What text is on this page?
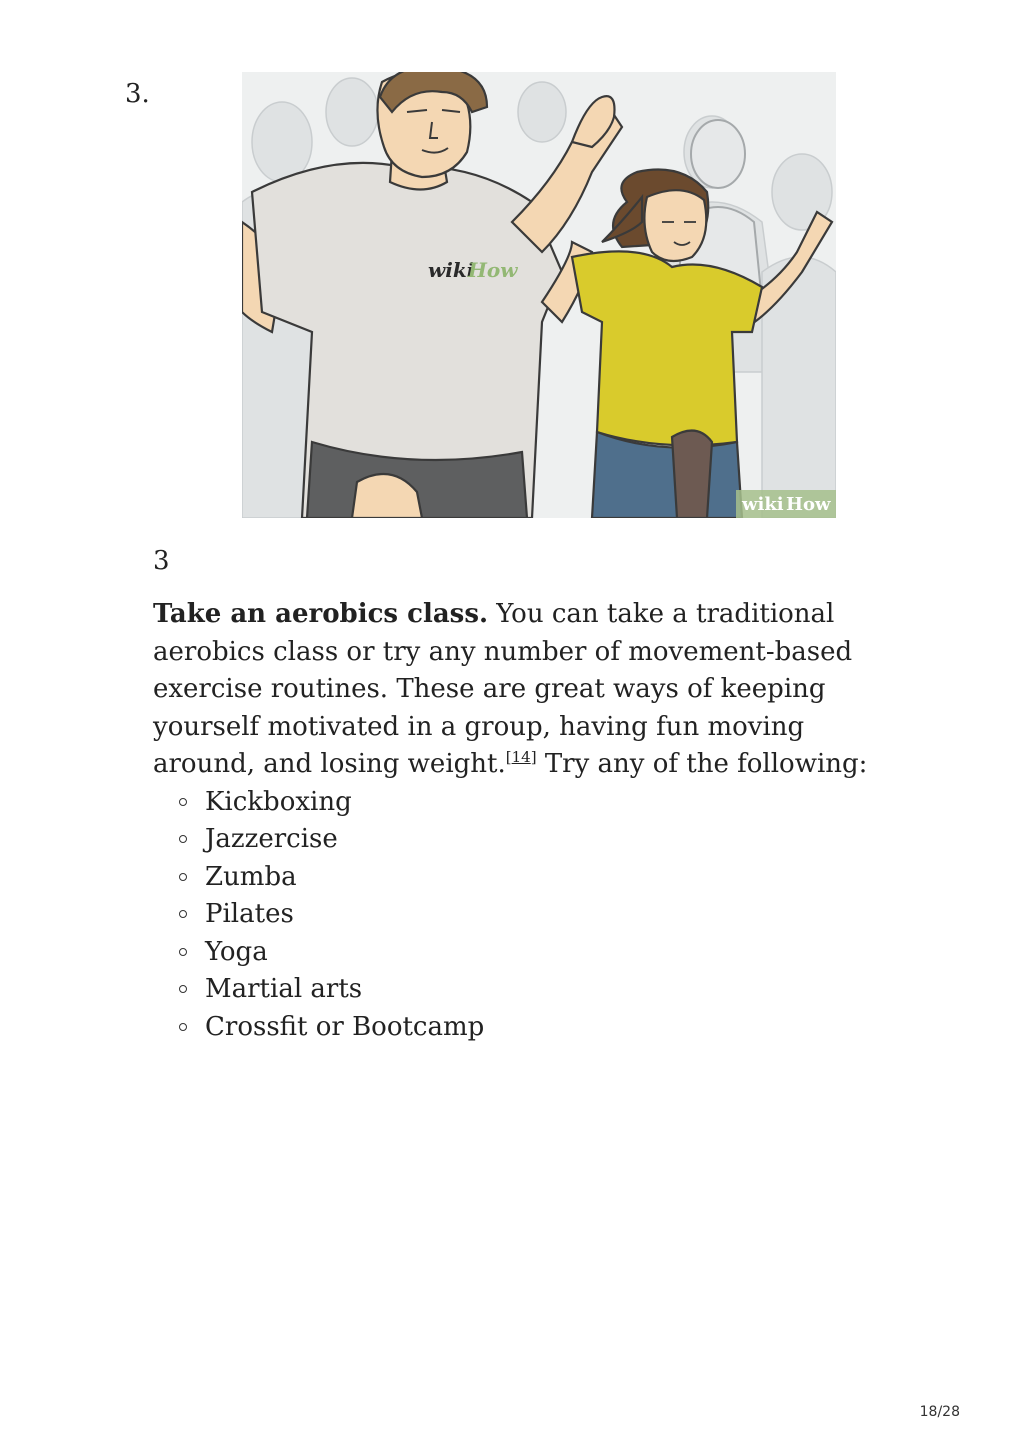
3.
wiki
How
wiki How
3

Take an aerobics class. You can take a traditional aerobics class or try any number of movement-based exercise routines. These are great ways of keeping yourself motivated in a group, having fun moving around, and losing weight.[14] Try any of the following:

Kickboxing
Jazzercise
Zumba
Pilates
Yoga
Martial arts
Crossfit or Bootcamp
18/28
